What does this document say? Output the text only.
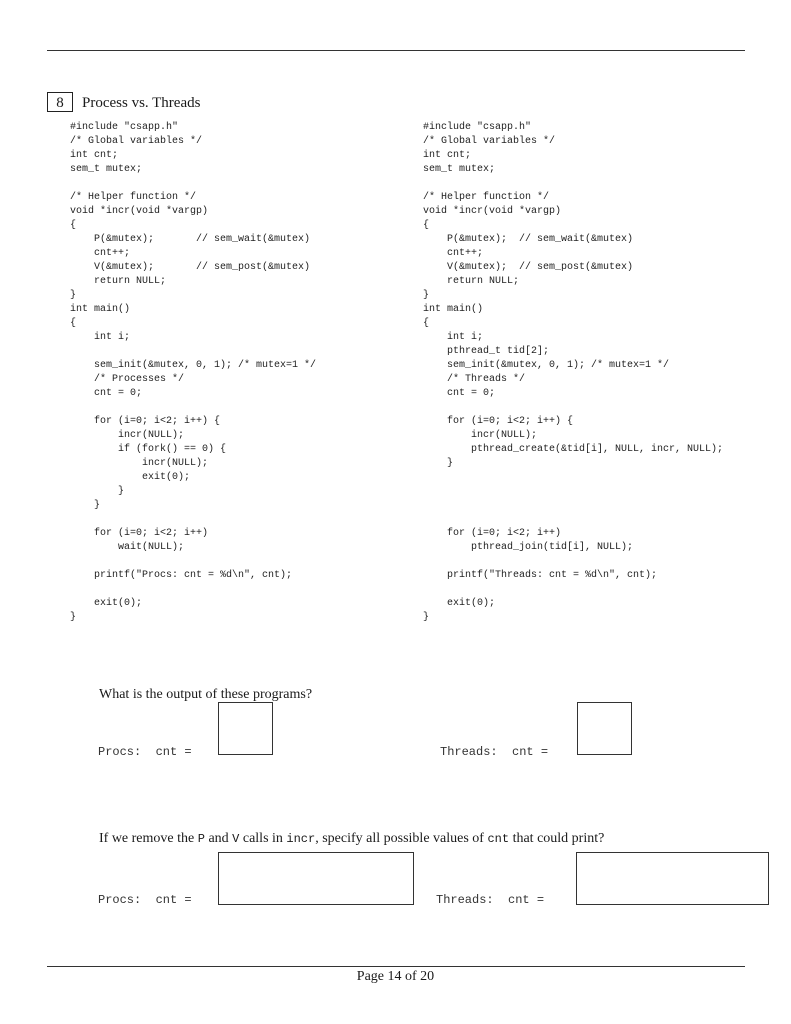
8	Process vs. Threads
#include "csapp.h"
/* Global variables */
int cnt;
sem_t mutex;

/* Helper function */
void *incr(void *vargp)
{
P(&mutex);       // sem_wait(&mutex)
cnt++;
V(&mutex);       // sem_post(&mutex)
return NULL;
}
int main()
{
int i;

sem_init(&mutex, 0, 1); /* mutex=1 */
/* Processes */
cnt = 0;

for (i=0; i<2; i++) {
incr(NULL);
if (fork() == 0) {
incr(NULL);
exit(0);
}
}

for (i=0; i<2; i++)
wait(NULL);

printf("Procs: cnt = %d\n", cnt);

exit(0);
}

#include "csapp.h"
/* Global variables */
int cnt;
sem_t mutex;

/* Helper function */
void *incr(void *vargp)
{
P(&mutex);  // sem_wait(&mutex)
cnt++;
V(&mutex);  // sem_post(&mutex)
return NULL;
}
int main()
{
int i;
pthread_t tid[2];
sem_init(&mutex, 0, 1); /* mutex=1 */
/* Threads */
cnt = 0;

for (i=0; i<2; i++) {
incr(NULL);
pthread_create(&tid[i], NULL, incr, NULL);
}

for (i=0; i<2; i++)
pthread_join(tid[i], NULL);

printf("Threads: cnt = %d\n", cnt);

exit(0);
}

What is the output of these programs?
Procs:  cnt =	Threads:  cnt =
If we remove the P and V calls in incr, specify all possible values of cnt that could print?
Procs:  cnt =	Threads:  cnt =
Page 14 of 20
